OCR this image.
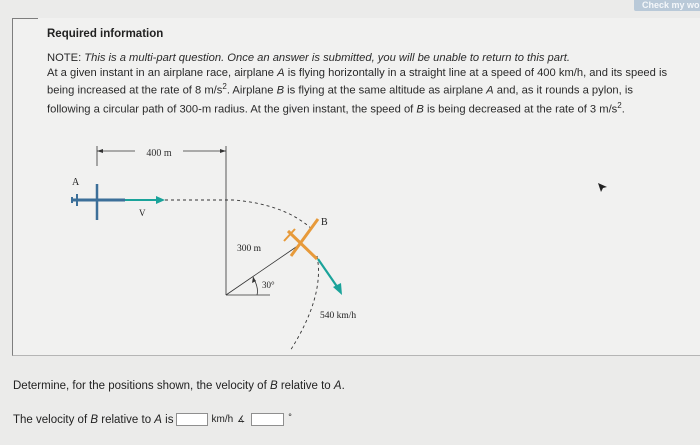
Check my wo
Required information
NOTE: This is a multi-part question. Once an answer is submitted, you will be unable to return to this part.
At a given instant in an airplane race, airplane A is flying horizontally in a straight line at a speed of 400 km/h, and its speed is being increased at the rate of 8 $m/s^2$. Airplane B is flying at the same altitude as airplane A and, as it rounds a pylon, is following a circular path of 300-m radius. At the given instant, the speed of B is being decreased at the rate of 3 $m/s^2$.
400 m
A
V
300 m
30°
B
540 km/h
Determine, for the positions shown, the velocity of B relative to A.
The velocity of
B
relative to
A
is	km/h ∡	°
